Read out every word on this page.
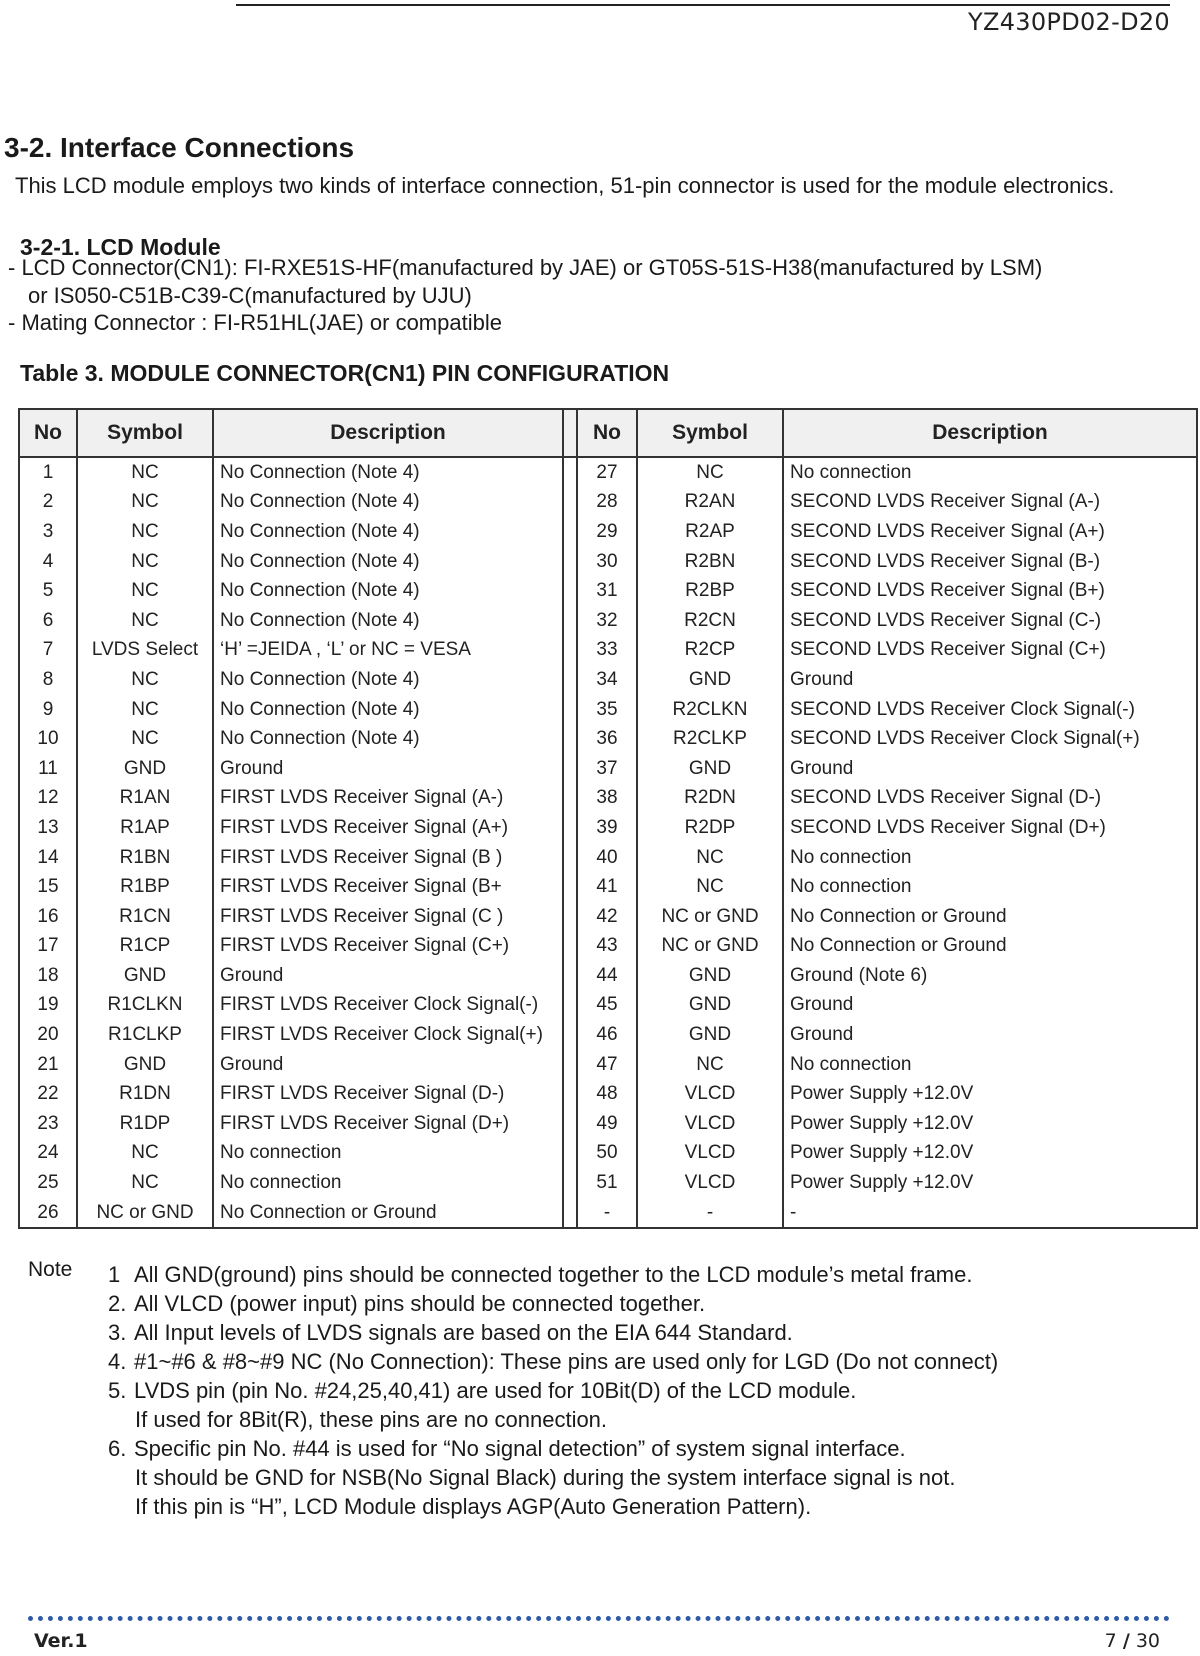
YZ430PD02-D20
3-2. Interface Connections

This LCD module employs two kinds of interface connection, 51-pin connector is used for the module electronics.

3-2-1. LCD Module

- LCD Connector(CN1): FI-RXE51S-HF(manufactured by JAE) or GT05S-51S-H38(manufactured by LSM)

or IS050-C51B-C39-C(manufactured by UJU)

- Mating Connector : FI-R51HL(JAE) or compatible

Table 3. MODULE CONNECTOR(CN1) PIN CONFIGURATION
No	Symbol	Description		No	Symbol	Description
1	NC	No Connection (Note 4)		27	NC	No connection
2	NC	No Connection (Note 4)		28	R2AN	SECOND LVDS Receiver Signal (A-)
3	NC	No Connection (Note 4)		29	R2AP	SECOND LVDS Receiver Signal (A+)
4	NC	No Connection (Note 4)		30	R2BN	SECOND LVDS Receiver Signal (B-)
5	NC	No Connection (Note 4)		31	R2BP	SECOND LVDS Receiver Signal (B+)
6	NC	No Connection (Note 4)		32	R2CN	SECOND LVDS Receiver Signal (C-)
7	LVDS Select	‘H’ =JEIDA , ‘L’ or NC = VESA		33	R2CP	SECOND LVDS Receiver Signal (C+)
8	NC	No Connection (Note 4)		34	GND	Ground
9	NC	No Connection (Note 4)		35	R2CLKN	SECOND LVDS Receiver Clock Signal(-)
10	NC	No Connection (Note 4)		36	R2CLKP	SECOND LVDS Receiver Clock Signal(+)
11	GND	Ground		37	GND	Ground
12	R1AN	FIRST LVDS Receiver Signal (A-)		38	R2DN	SECOND LVDS Receiver Signal (D-)
13	R1AP	FIRST LVDS Receiver Signal (A+)		39	R2DP	SECOND LVDS Receiver Signal (D+)
14	R1BN	FIRST LVDS Receiver Signal (B )		40	NC	No connection
15	R1BP	FIRST LVDS Receiver Signal (B+		41	NC	No connection
16	R1CN	FIRST LVDS Receiver Signal (C )		42	NC or GND	No Connection or Ground
17	R1CP	FIRST LVDS Receiver Signal (C+)		43	NC or GND	No Connection or Ground
18	GND	Ground		44	GND	Ground (Note 6)
19	R1CLKN	FIRST LVDS Receiver Clock Signal(-)		45	GND	Ground
20	R1CLKP	FIRST LVDS Receiver Clock Signal(+)		46	GND	Ground
21	GND	Ground		47	NC	No connection
22	R1DN	FIRST LVDS Receiver Signal (D-)		48	VLCD	Power Supply +12.0V
23	R1DP	FIRST LVDS Receiver Signal (D+)		49	VLCD	Power Supply +12.0V
24	NC	No connection		50	VLCD	Power Supply +12.0V
25	NC	No connection		51	VLCD	Power Supply +12.0V
26	NC or GND	No Connection or Ground		-	-	-
Note 1 All GND(ground) pins should be connected together to the LCD module’s metal frame.
2. All VLCD (power input) pins should be connected together.
3. All Input levels of LVDS signals are based on the EIA 644 Standard.
4. #1~#6 & #8~#9 NC (No Connection): These pins are used only for LGD (Do not connect)
5. LVDS pin (pin No. #24,25,40,41) are used for 10Bit(D) of the LCD module.
If used for 8Bit(R), these pins are no connection.
6. Specific pin No. #44 is used for “No signal detection” of system signal interface.
It should be GND for NSB(No Signal Black) during the system interface signal is not.
If this pin is “H”, LCD Module displays AGP(Auto Generation Pattern).
Ver.1	7 / 30
